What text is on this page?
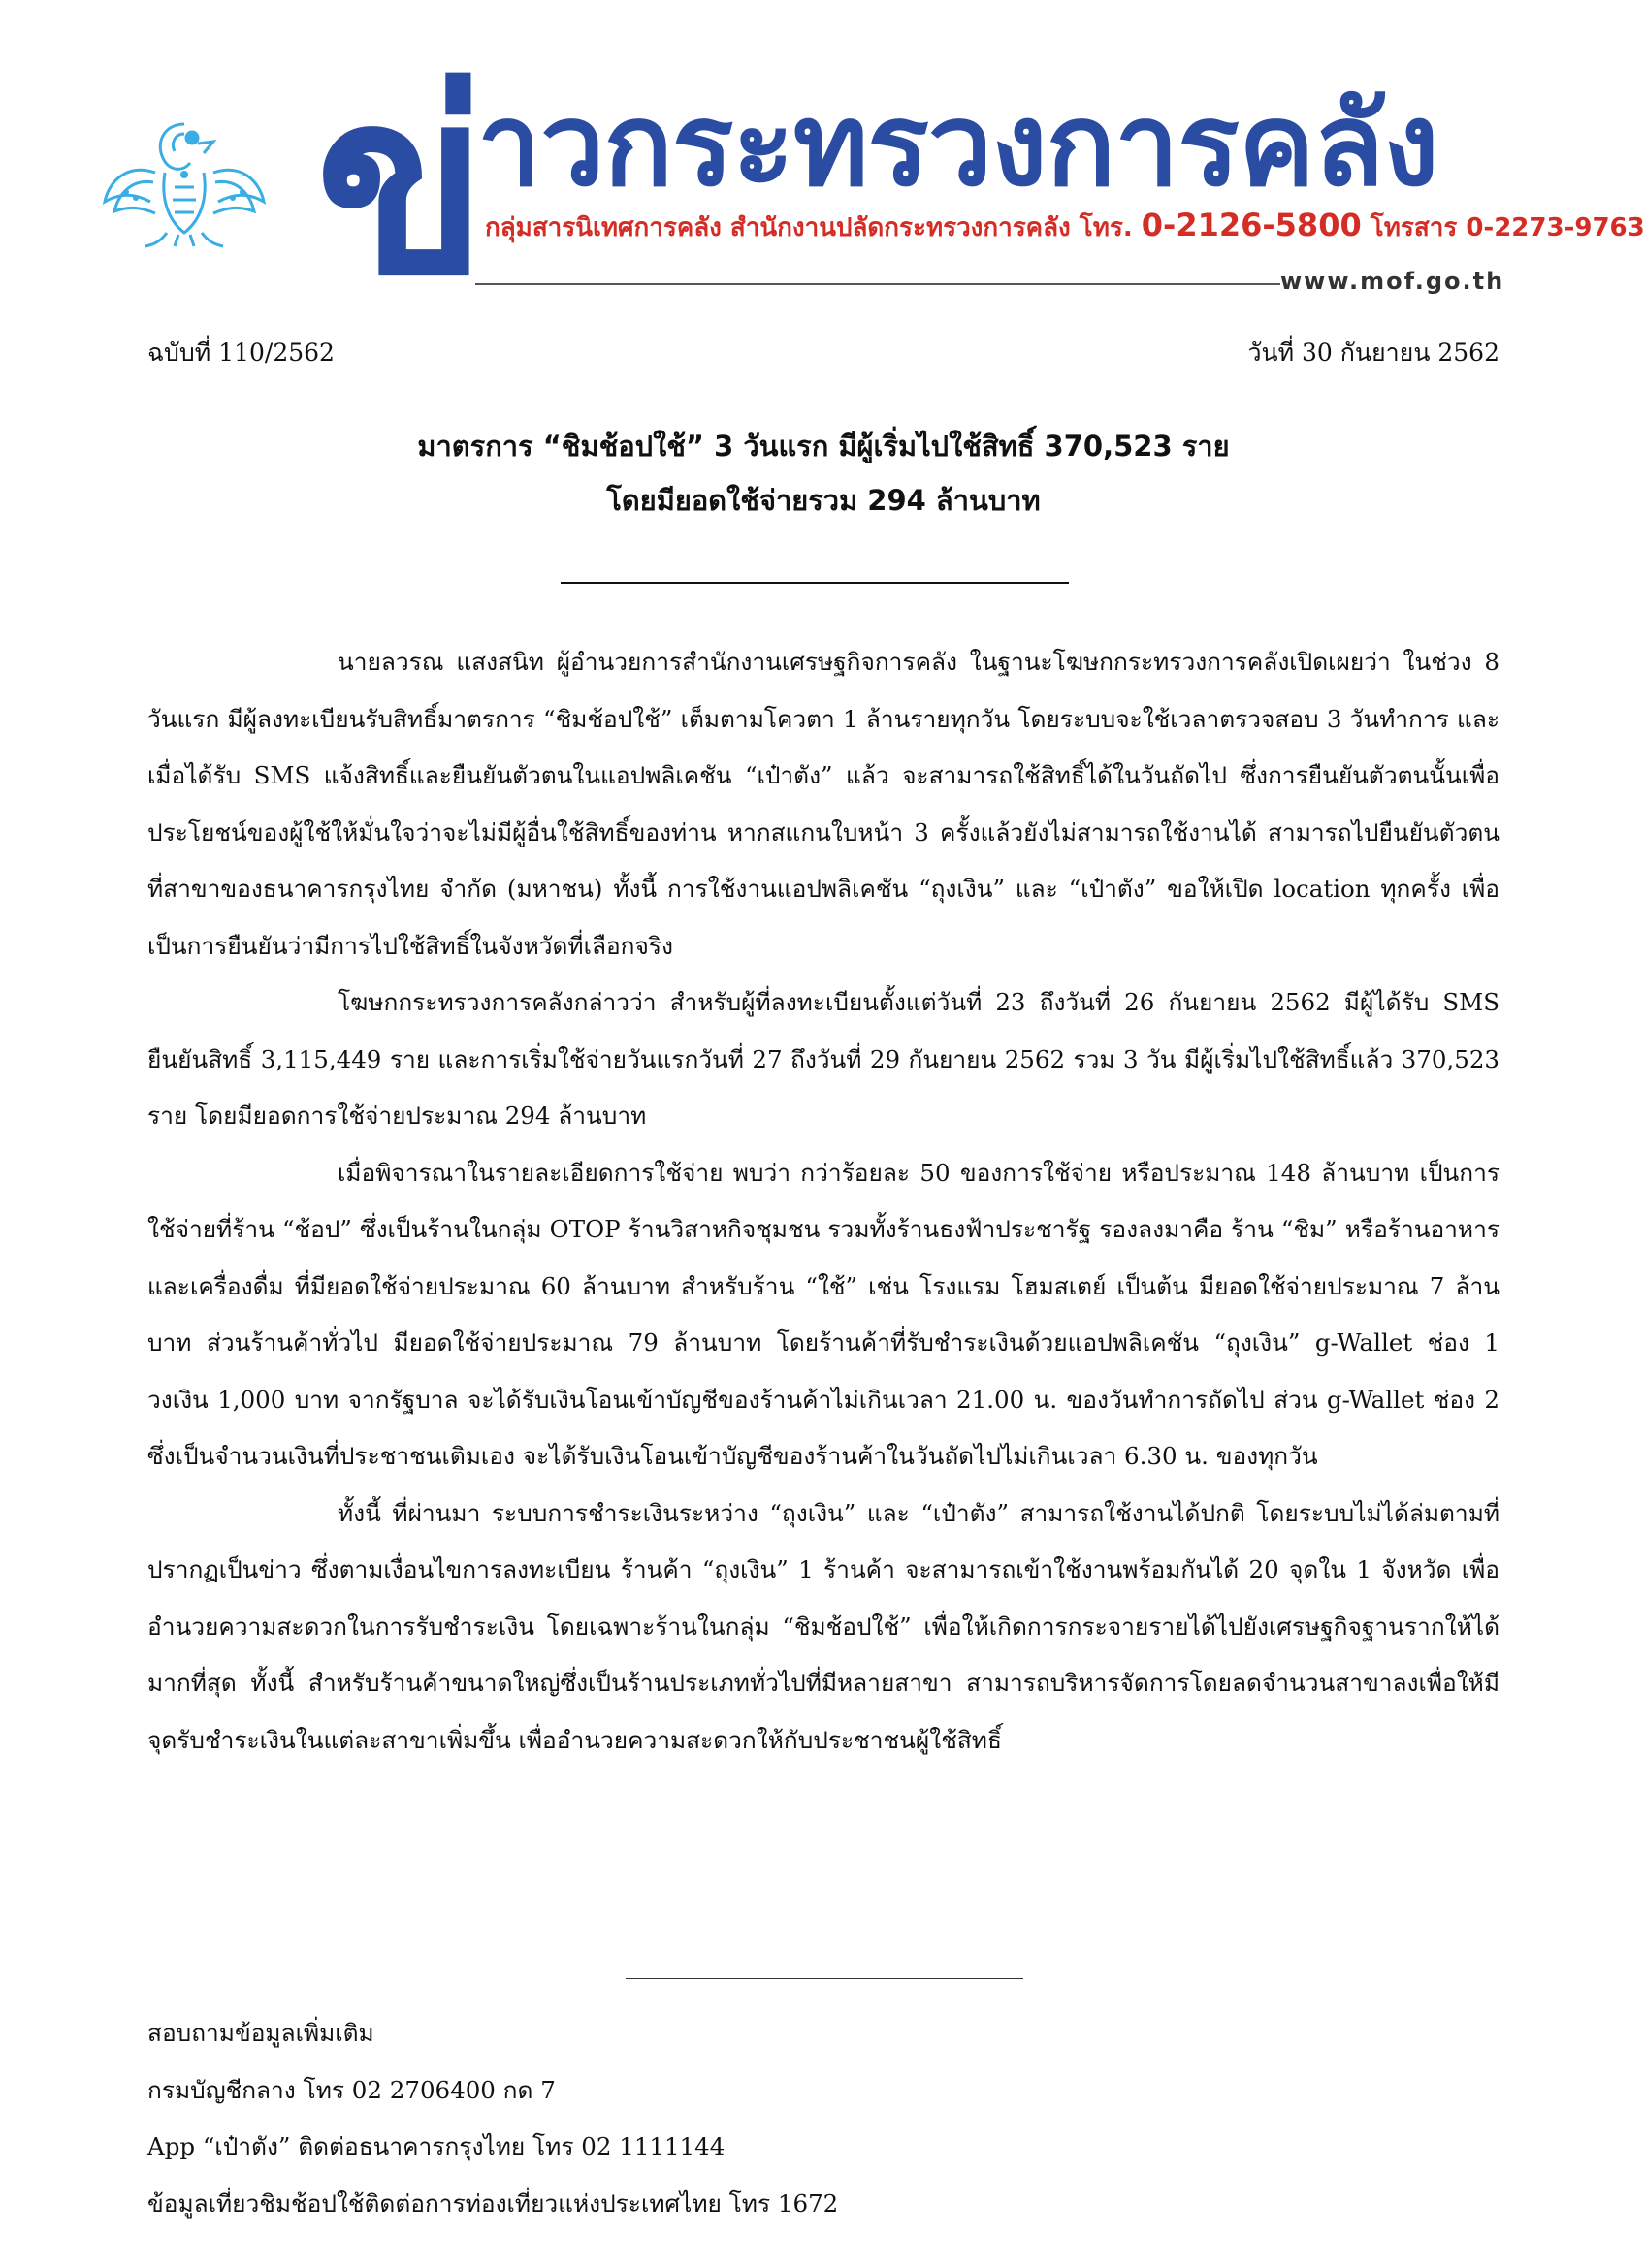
ข่
าวกระทรวงการคลัง
กลุ่มสารนิเทศการคลัง สำนักงานปลัดกระทรวงการคลัง โทร. 0-2126-5800 โทรสาร 0-2273-9763
www.mof.go.th
ฉบับที่ 110/2562	วันที่ 30 กันยายน 2562
มาตรการ “ชิมช้อปใช้” 3 วันแรก มีผู้เริ่มไปใช้สิทธิ์ 370,523 ราย
โดยมียอดใช้จ่ายรวม 294 ล้านบาท

นายลวรณ แสงสนิท ผู้อำนวยการสำนักงานเศรษฐกิจการคลัง ในฐานะโฆษกกระทรวงการคลังเปิดเผยว่า ในช่วง 8 วันแรก มีผู้ลงทะเบียนรับสิทธิ์มาตรการ “ชิมช้อปใช้” เต็มตามโควตา 1 ล้านรายทุกวัน โดยระบบจะใช้เวลาตรวจสอบ 3 วันทำการ และเมื่อได้รับ SMS แจ้งสิทธิ์และยืนยันตัวตนในแอปพลิเคชัน “เป๋าตัง” แล้ว จะสามารถใช้สิทธิ์ได้ในวันถัดไป ซึ่งการยืนยันตัวตนนั้นเพื่อประโยชน์ของผู้ใช้ให้มั่นใจว่าจะไม่มีผู้อื่นใช้สิทธิ์ของท่าน หากสแกนใบหน้า 3 ครั้งแล้วยังไม่สามารถใช้งานได้ สามารถไปยืนยันตัวตนที่สาขาของธนาคารกรุงไทย จำกัด (มหาชน) ทั้งนี้ การใช้งานแอปพลิเคชัน “ถุงเงิน” และ “เป๋าตัง” ขอให้เปิด location ทุกครั้ง เพื่อเป็นการยืนยันว่ามีการไปใช้สิทธิ์ในจังหวัดที่เลือกจริง

โฆษกกระทรวงการคลังกล่าวว่า สำหรับผู้ที่ลงทะเบียนตั้งแต่วันที่ 23 ถึงวันที่ 26 กันยายน 2562 มีผู้ได้รับ SMS ยืนยันสิทธิ์ 3,115,449 ราย และการเริ่มใช้จ่ายวันแรกวันที่ 27 ถึงวันที่ 29 กันยายน 2562 รวม 3 วัน มีผู้เริ่มไปใช้สิทธิ์แล้ว 370,523 ราย โดยมียอดการใช้จ่ายประมาณ 294 ล้านบาท

เมื่อพิจารณาในรายละเอียดการใช้จ่าย พบว่า กว่าร้อยละ 50 ของการใช้จ่าย หรือประมาณ 148 ล้านบาท เป็นการใช้จ่ายที่ร้าน “ช้อป” ซึ่งเป็นร้านในกลุ่ม OTOP ร้านวิสาหกิจชุมชน รวมทั้งร้านธงฟ้าประชารัฐ รองลงมาคือ ร้าน “ชิม” หรือร้านอาหารและเครื่องดื่ม ที่มียอดใช้จ่ายประมาณ 60 ล้านบาท สำหรับร้าน “ใช้” เช่น โรงแรม โฮมสเตย์ เป็นต้น มียอดใช้จ่ายประมาณ 7 ล้านบาท ส่วนร้านค้าทั่วไป มียอดใช้จ่ายประมาณ 79 ล้านบาท โดยร้านค้าที่รับชำระเงินด้วยแอปพลิเคชัน “ถุงเงิน” g-Wallet ช่อง 1 วงเงิน 1,000 บาท จากรัฐบาล จะได้รับเงินโอนเข้าบัญชีของร้านค้าไม่เกินเวลา 21.00 น. ของวันทำการถัดไป ส่วน g-Wallet ช่อง 2 ซึ่งเป็นจำนวนเงินที่ประชาชนเติมเอง จะได้รับเงินโอนเข้าบัญชีของร้านค้าในวันถัดไปไม่เกินเวลา 6.30 น. ของทุกวัน

ทั้งนี้ ที่ผ่านมา ระบบการชำระเงินระหว่าง “ถุงเงิน” และ “เป๋าตัง” สามารถใช้งานได้ปกติ โดยระบบไม่ได้ล่มตามที่ปรากฏเป็นข่าว ซึ่งตามเงื่อนไขการลงทะเบียน ร้านค้า “ถุงเงิน” 1 ร้านค้า จะสามารถเข้าใช้งานพร้อมกันได้ 20 จุดใน 1 จังหวัด เพื่ออำนวยความสะดวกในการรับชำระเงิน โดยเฉพาะร้านในกลุ่ม “ชิมช้อปใช้” เพื่อให้เกิดการกระจายรายได้ไปยังเศรษฐกิจฐานรากให้ได้มากที่สุด ทั้งนี้ สำหรับร้านค้าขนาดใหญ่ซึ่งเป็นร้านประเภททั่วไปที่มีหลายสาขา สามารถบริหารจัดการโดยลดจำนวนสาขาลงเพื่อให้มีจุดรับชำระเงินในแต่ละสาขาเพิ่มขึ้น เพื่ออำนวยความสะดวกให้กับประชาชนผู้ใช้สิทธิ์

สอบถามข้อมูลเพิ่มเติม
กรมบัญชีกลาง โทร 02 2706400 กด 7
App “เป๋าตัง” ติดต่อธนาคารกรุงไทย โทร 02 1111144
ข้อมูลเที่ยวชิมช้อปใช้ติดต่อการท่องเที่ยวแห่งประเทศไทย โทร 1672
